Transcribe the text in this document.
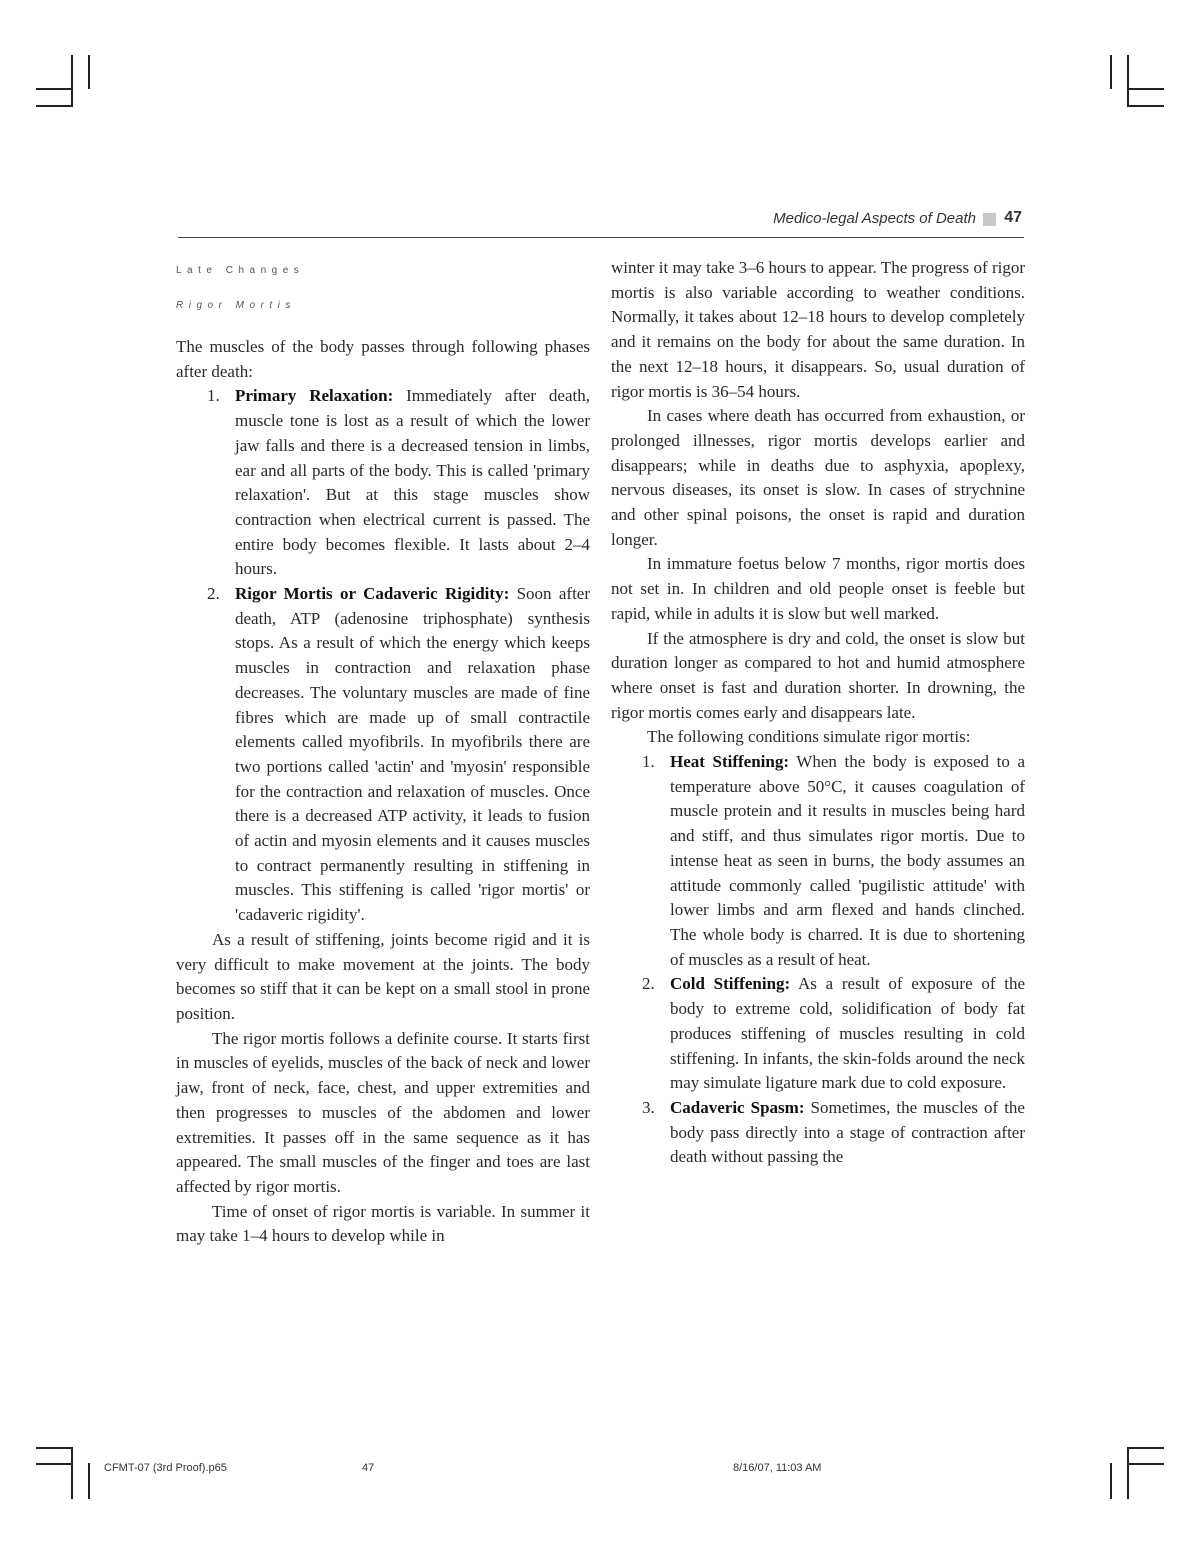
Medico-legal Aspects of Death 47
Late Changes
Rigor Mortis

The muscles of the body passes through following phases after death:

1. Primary Relaxation: Immediately after death, muscle tone is lost as a result of which the lower jaw falls and there is a decreased tension in limbs, ear and all parts of the body. This is called 'primary relaxation'. But at this stage muscles show contraction when electrical current is passed. The entire body becomes flexible. It lasts about 2–4 hours.
2. Rigor Mortis or Cadaveric Rigidity: Soon after death, ATP (adenosine triphosphate) synthesis stops. As a result of which the energy which keeps muscles in contraction and relaxation phase decreases. The voluntary muscles are made of fine fibres which are made up of small contractile elements called myofibrils. In myofibrils there are two portions called 'actin' and 'myosin' responsible for the contraction and relaxation of muscles. Once there is a decreased ATP activity, it leads to fusion of actin and myosin elements and it causes muscles to contract permanently resulting in stiffening in muscles. This stiffening is called 'rigor mortis' or 'cadaveric rigidity'.

As a result of stiffening, joints become rigid and it is very difficult to make movement at the joints. The body becomes so stiff that it can be kept on a small stool in prone position.

The rigor mortis follows a definite course. It starts first in muscles of eyelids, muscles of the back of neck and lower jaw, front of neck, face, chest, and upper extremities and then progresses to muscles of the abdomen and lower extremities. It passes off in the same sequence as it has appeared. The small muscles of the finger and toes are last affected by rigor mortis.

Time of onset of rigor mortis is variable. In summer it may take 1–4 hours to develop while in

winter it may take 3–6 hours to appear. The progress of rigor mortis is also variable according to weather conditions. Normally, it takes about 12–18 hours to develop completely and it remains on the body for about the same duration. In the next 12–18 hours, it disappears. So, usual duration of rigor mortis is 36–54 hours.

In cases where death has occurred from exhaustion, or prolonged illnesses, rigor mortis develops earlier and disappears; while in deaths due to asphyxia, apoplexy, nervous diseases, its onset is slow. In cases of strychnine and other spinal poisons, the onset is rapid and duration longer.

In immature foetus below 7 months, rigor mortis does not set in. In children and old people onset is feeble but rapid, while in adults it is slow but well marked.

If the atmosphere is dry and cold, the onset is slow but duration longer as compared to hot and humid atmosphere where onset is fast and duration shorter. In drowning, the rigor mortis comes early and disappears late.

The following conditions simulate rigor mortis:

1. Heat Stiffening: When the body is exposed to a temperature above 50°C, it causes coagulation of muscle protein and it results in muscles being hard and stiff, and thus simulates rigor mortis. Due to intense heat as seen in burns, the body assumes an attitude commonly called 'pugilistic attitude' with lower limbs and arm flexed and hands clinched. The whole body is charred. It is due to shortening of muscles as a result of heat.
2. Cold Stiffening: As a result of exposure of the body to extreme cold, solidification of body fat produces stiffening of muscles resulting in cold stiffening. In infants, the skin-folds around the neck may simulate ligature mark due to cold exposure.
3. Cadaveric Spasm: Sometimes, the muscles of the body pass directly into a stage of contraction after death without passing the
CFMT-07 (3rd Proof).p65	47	8/16/07, 11:03 AM
